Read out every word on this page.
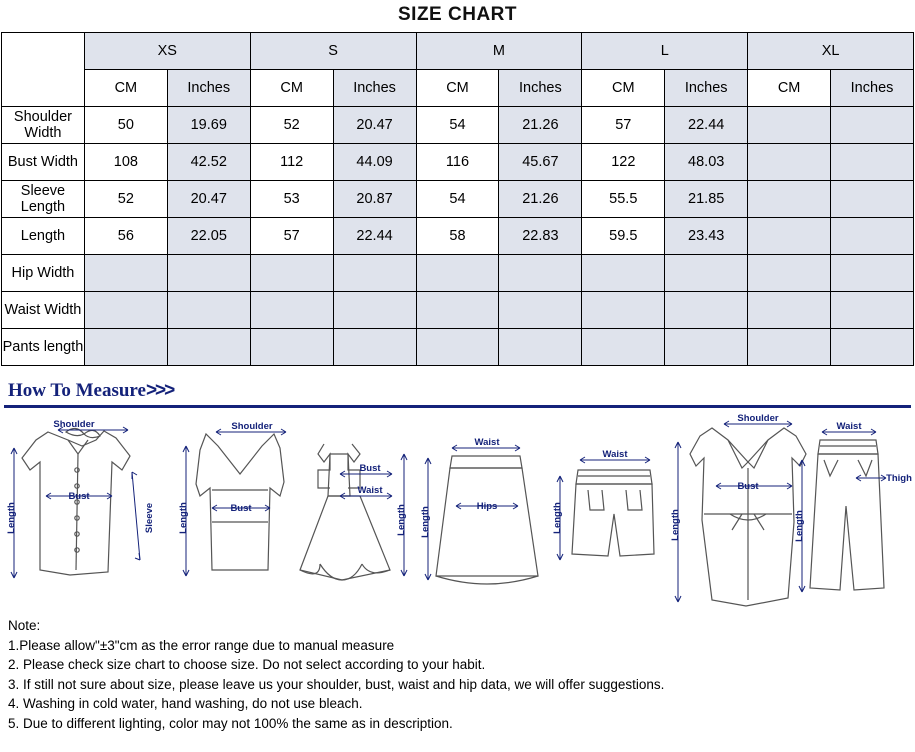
SIZE CHART
	XS		S		M		L		XL	
	CM	Inches	CM	Inches	CM	Inches	CM	Inches	CM	Inches
Shoulder Width	50	19.69	52	20.47	54	21.26	57	22.44		
Bust Width	108	42.52	112	44.09	116	45.67	122	48.03		
Sleeve Length	52	20.47	53	20.87	54	21.26	55.5	21.85		
Length	56	22.05	57	22.44	58	22.83	59.5	23.43		
Hip Width										
Waist Width										
Pants length										
How To Measure>>>
Shoulder
Bust
Length	Sleeve
Shoulder
Bust
Length
Bust
Waist
Length
Waist
Hips
Length
Waist
Length
Shoulder
Bust
Length
Waist
Thigh
Length
Note:
1.Please allow"±3"cm as the error range due to manual measure
2. Please check size chart to choose size. Do not select according to your habit.
3. If still not sure about size, please leave us your shoulder, bust, waist and hip data, we will offer suggestions.
4. Washing in cold water, hand washing, do not use bleach.
5. Due to different lighting, color may not 100% the same as in description.
